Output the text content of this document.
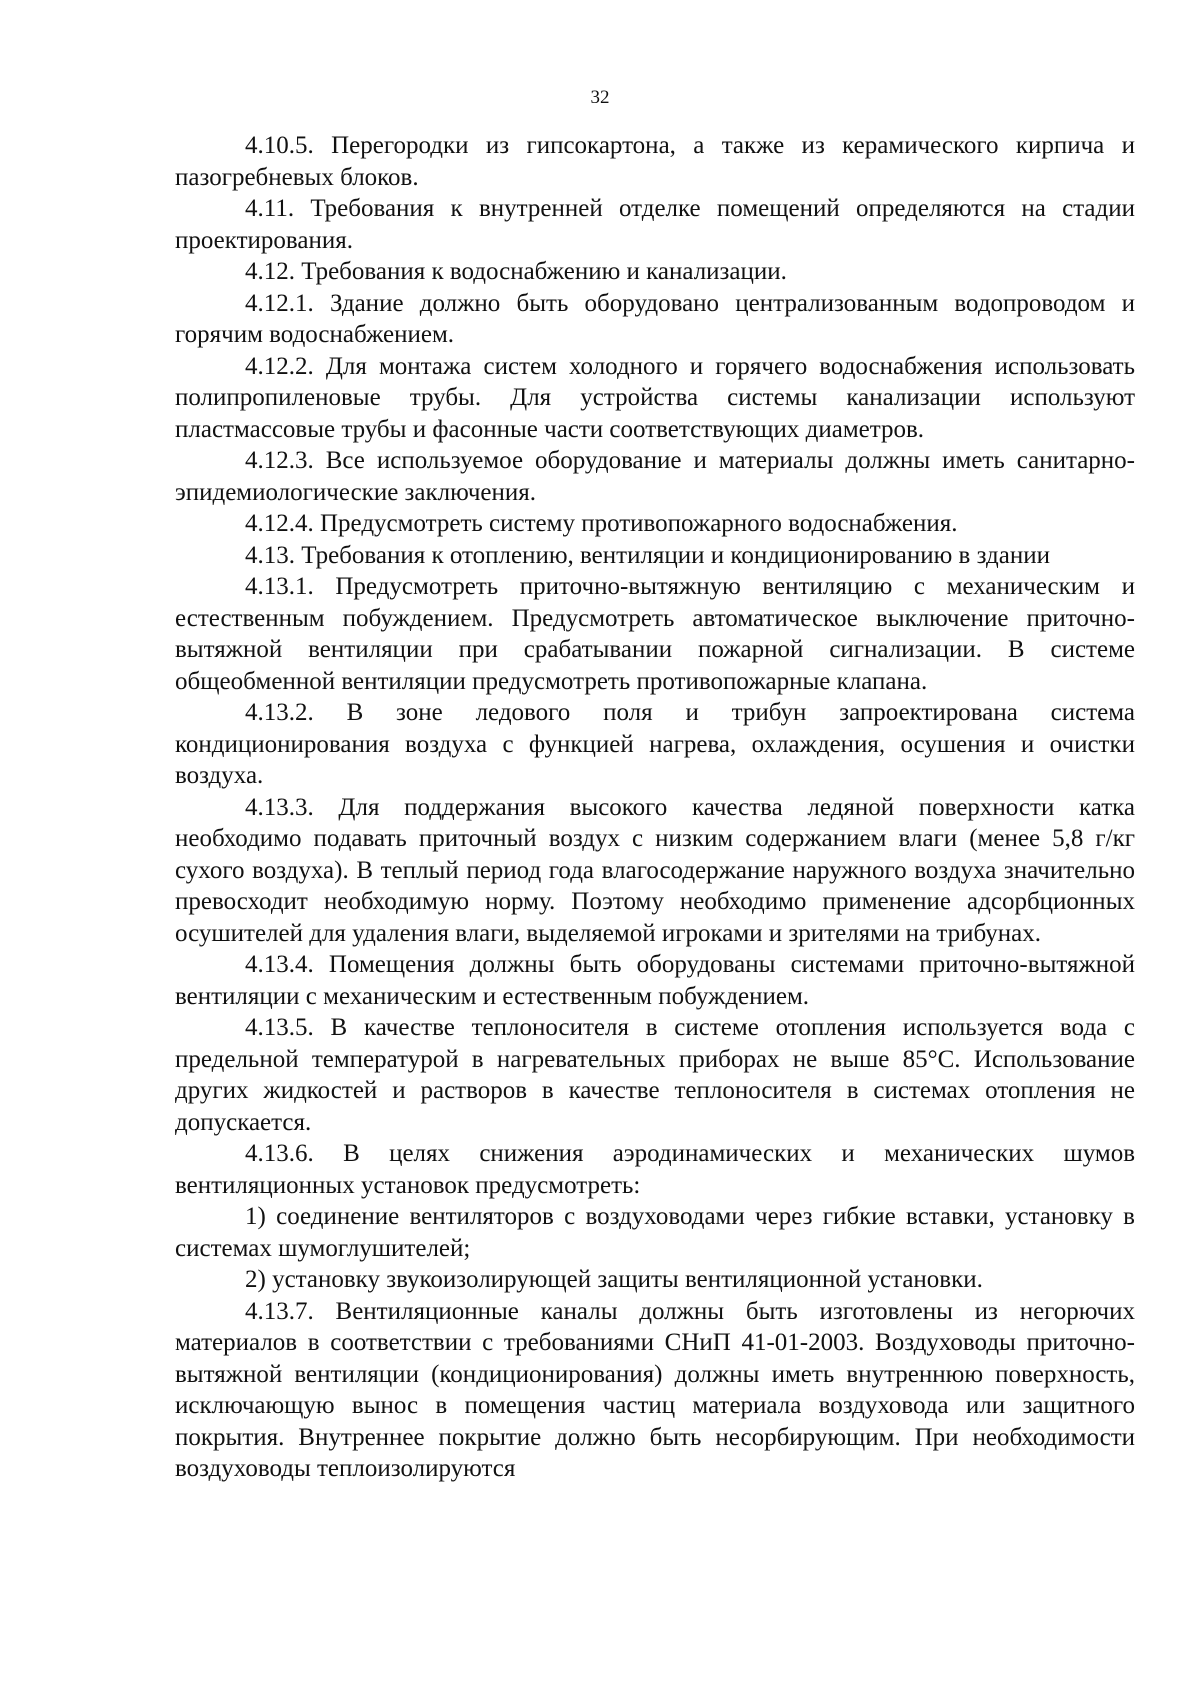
32

4.10.5. Перегородки из гипсокартона, а также из керамического кирпича и пазогребневых блоков.

4.11. Требования к внутренней отделке помещений определяются на стадии проектирования.

4.12. Требования к водоснабжению и канализации.

4.12.1. Здание должно быть оборудовано централизованным водопроводом и горячим водоснабжением.

4.12.2. Для монтажа систем холодного и горячего водоснабжения использовать полипропиленовые трубы. Для устройства системы канализации используют пластмассовые трубы и фасонные части соответствующих диаметров.

4.12.3. Все используемое оборудование и материалы должны иметь санитарно- эпидемиологические заключения.

4.12.4. Предусмотреть систему противопожарного водоснабжения.

4.13. Требования к отоплению, вентиляции и кондиционированию в здании

4.13.1. Предусмотреть приточно-вытяжную вентиляцию с механическим и естественным побуждением. Предусмотреть автоматическое выключение приточно-вытяжной вентиляции при срабатывании пожарной сигнализации. В системе общеобменной вентиляции предусмотреть противопожарные клапана.

4.13.2. В зоне ледового поля и трибун запроектирована система кондиционирования воздуха с функцией нагрева, охлаждения, осушения и очистки воздуха.

4.13.3. Для поддержания высокого качества ледяной поверхности катка необходимо подавать приточный воздух с низким содержанием влаги (менее 5,8 г/кг сухого воздуха). В теплый период года влагосодержание наружного воздуха значительно превосходит необходимую норму. Поэтому необходимо применение адсорбционных осушителей для удаления влаги, выделяемой игроками и зрителями на трибунах.

4.13.4. Помещения должны быть оборудованы системами приточно-вытяжной вентиляции с механическим и естественным побуждением.

4.13.5. В качестве теплоносителя в системе отопления используется вода с предельной температурой в нагревательных приборах не выше 85°С. Использование других жидкостей и растворов в качестве теплоносителя в системах отопления не допускается.

4.13.6. В целях снижения аэродинамических и механических шумов вентиляционных установок предусмотреть:

1) соединение вентиляторов с воздуховодами через гибкие вставки, установку в системах шумоглушителей;

2) установку звукоизолирующей защиты вентиляционной установки.

4.13.7. Вентиляционные каналы должны быть изготовлены из негорючих материалов в соответствии с требованиями СНиП 41-01-2003. Воздуховоды приточно-вытяжной вентиляции (кондиционирования) должны иметь внутреннюю поверхность, исключающую вынос в помещения частиц материала воздуховода или защитного покрытия. Внутреннее покрытие должно быть несорбирующим. При необходимости воздуховоды теплоизолируются
